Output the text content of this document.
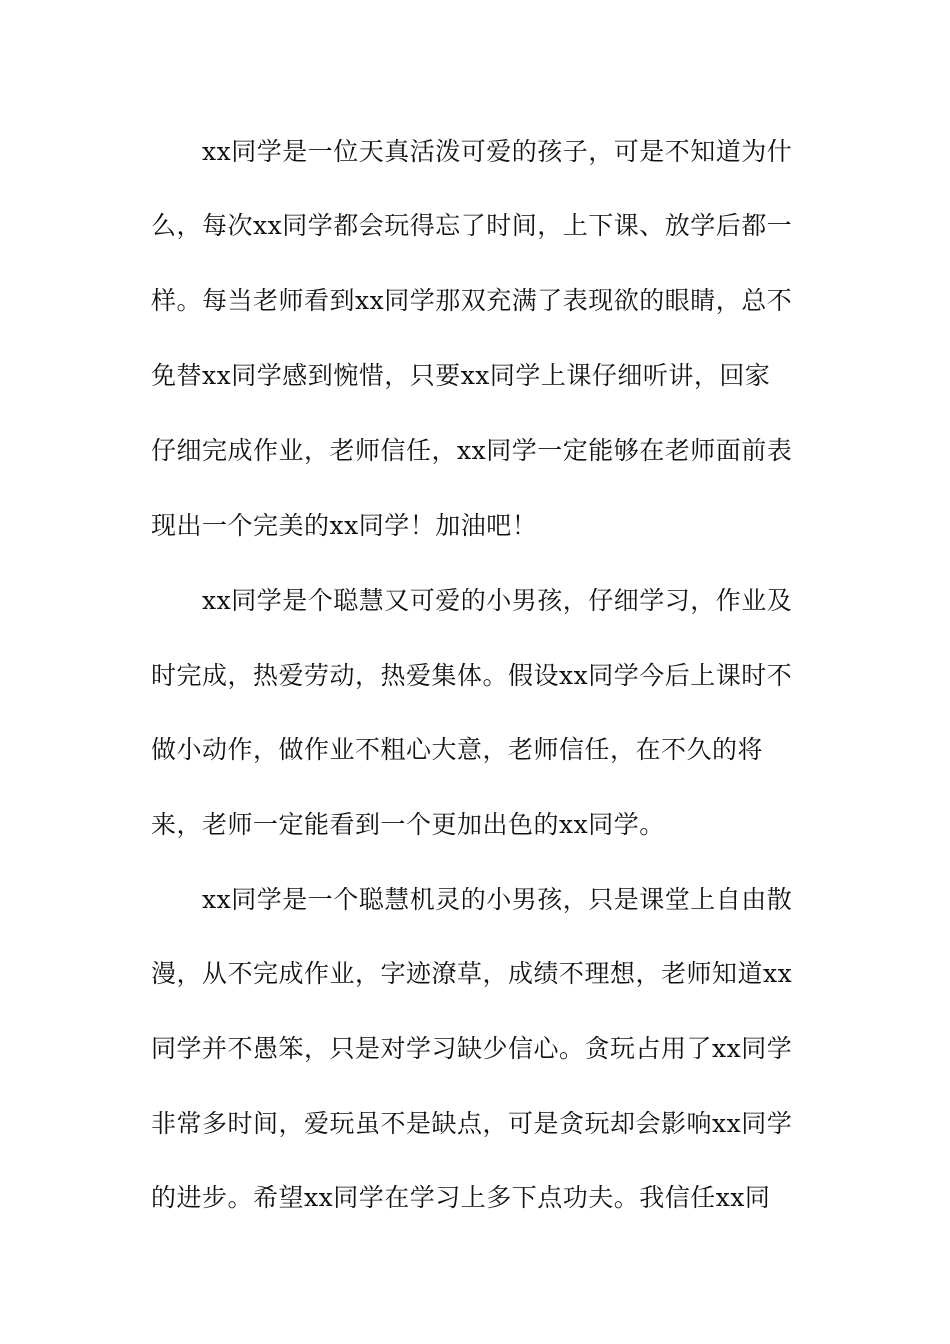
xx同学是一位天真活泼可爱的孩子，可是不知道为什
么，每次xx同学都会玩得忘了时间，上下课、放学后都一
样。每当老师看到xx同学那双充满了表现欲的眼睛，总不
免替xx同学感到惋惜，只要xx同学上课仔细听讲，回家
仔细完成作业，老师信任，xx同学一定能够在老师面前表
现出一个完美的xx同学！加油吧！
xx同学是个聪慧又可爱的小男孩，仔细学习，作业及
时完成，热爱劳动，热爱集体。假设xx同学今后上课时不
做小动作，做作业不粗心大意，老师信任，在不久的将
来，老师一定能看到一个更加出色的xx同学。
xx同学是一个聪慧机灵的小男孩，只是课堂上自由散
漫，从不完成作业，字迹潦草，成绩不理想，老师知道xx
同学并不愚笨，只是对学习缺少信心。贪玩占用了xx同学
非常多时间，爱玩虽不是缺点，可是贪玩却会影响xx同学
的进步。希望xx同学在学习上多下点功夫。我信任xx同
